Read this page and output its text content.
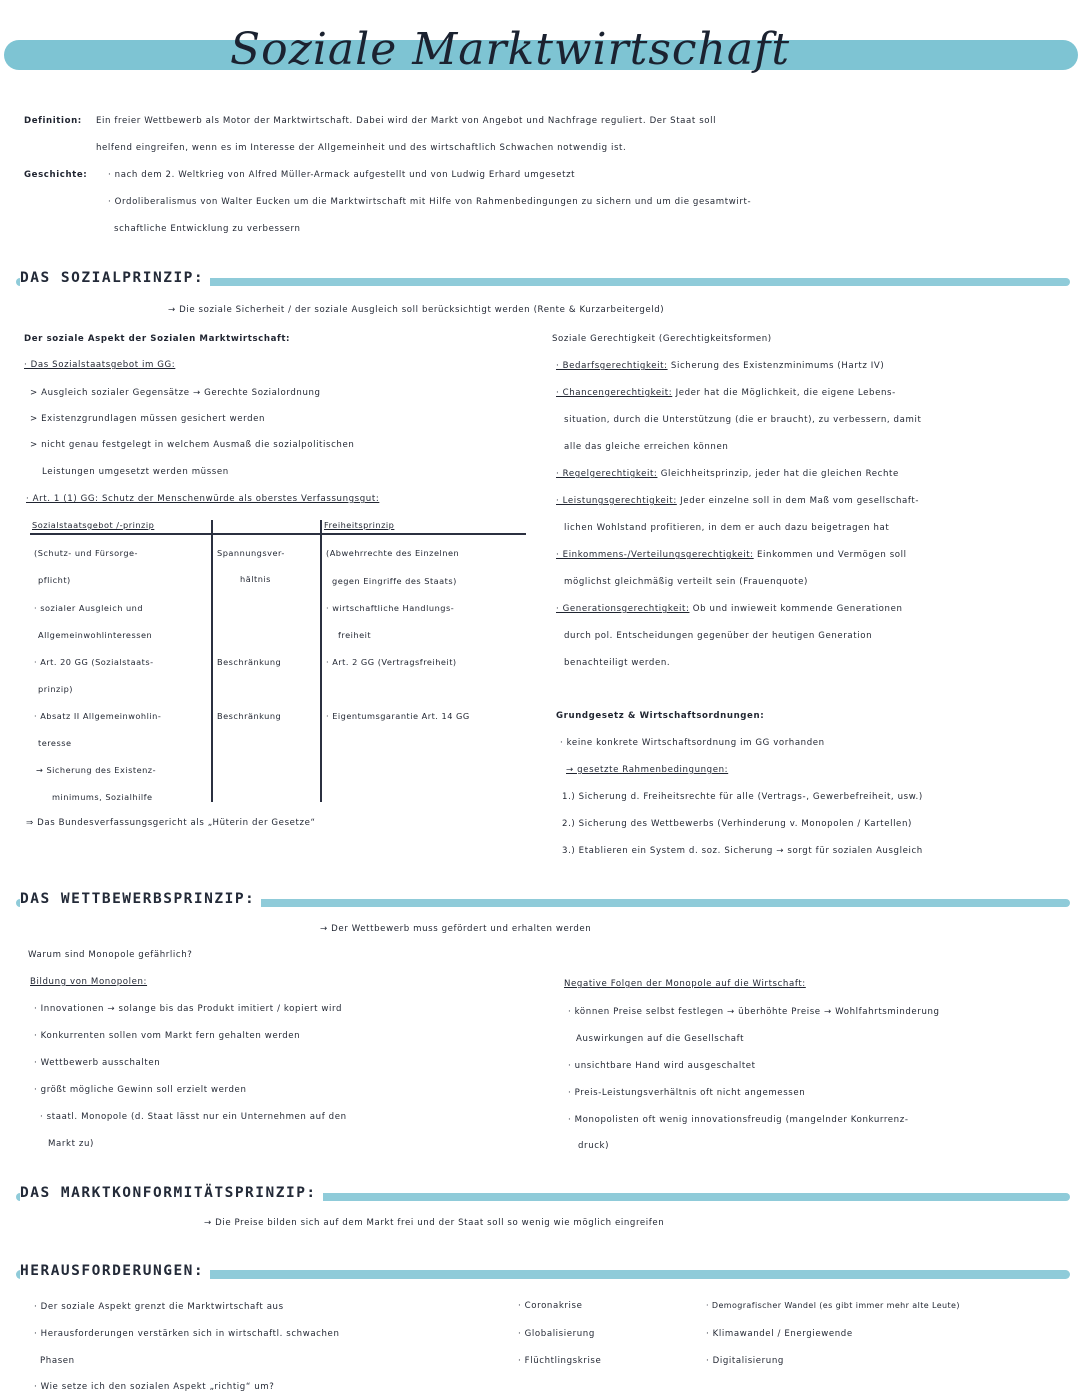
Soziale Marktwirtschaft
Definition: Ein freier Wettbewerb als Motor der Marktwirtschaft. Dabei wird der Markt von Angebot und Nachfrage reguliert. Der Staat soll
helfend eingreifen, wenn es im Interesse der Allgemeinheit und des wirtschaftlich Schwachen notwendig ist.
Geschichte: · nach dem 2. Weltkrieg von Alfred Müller-Armack aufgestellt und von Ludwig Erhard umgesetzt
· Ordoliberalismus von Walter Eucken um die Marktwirtschaft mit Hilfe von Rahmenbedingungen zu sichern und um die gesamtwirt-
schaftliche Entwicklung zu verbessern
DAS SOZIALPRINZIP:
→ Die soziale Sicherheit / der soziale Ausgleich soll berücksichtigt werden (Rente & Kurzarbeitergeld)
Der soziale Aspekt der Sozialen Marktwirtschaft:
· Das Sozialstaatsgebot im GG:
> Ausgleich sozialer Gegensätze → Gerechte Sozialordnung
> Existenzgrundlagen müssen gesichert werden
> nicht genau festgelegt in welchem Ausmaß die sozialpolitischen
Leistungen umgesetzt werden müssen
· Art. 1 (1) GG: Schutz der Menschenwürde als oberstes Verfassungsgut:
Sozialstaatsgebot /-prinzip	Freiheitsprinzip
(Schutz- und Fürsorge-
pflicht)
· sozialer Ausgleich und
Allgemeinwohlinteressen
· Art. 20 GG (Sozialstaats-
prinzip)
· Absatz II Allgemeinwohlin-
teresse
→ Sicherung des Existenz-
minimums, Sozialhilfe
Spannungsver-
hältnis
Beschränkung
Beschränkung
(Abwehrrechte des Einzelnen
gegen Eingriffe des Staats)
· wirtschaftliche Handlungs-
freiheit
· Art. 2 GG (Vertragsfreiheit)
· Eigentumsgarantie Art. 14 GG
⇒ Das Bundesverfassungsgericht als „Hüterin der Gesetze“
Soziale Gerechtigkeit (Gerechtigkeitsformen)
· Bedarfsgerechtigkeit: Sicherung des Existenzminimums (Hartz IV)
· Chancengerechtigkeit: Jeder hat die Möglichkeit, die eigene Lebens-
situation, durch die Unterstützung (die er braucht), zu verbessern, damit
alle das gleiche erreichen können
· Regelgerechtigkeit: Gleichheitsprinzip, jeder hat die gleichen Rechte
· Leistungsgerechtigkeit: Jeder einzelne soll in dem Maß vom gesellschaft-
lichen Wohlstand profitieren, in dem er auch dazu beigetragen hat
· Einkommens-/Verteilungsgerechtigkeit: Einkommen und Vermögen soll
möglichst gleichmäßig verteilt sein (Frauenquote)
· Generationsgerechtigkeit: Ob und inwieweit kommende Generationen
durch pol. Entscheidungen gegenüber der heutigen Generation
benachteiligt werden.
Grundgesetz & Wirtschaftsordnungen:
· keine konkrete Wirtschaftsordnung im GG vorhanden
→ gesetzte Rahmenbedingungen:
1.) Sicherung d. Freiheitsrechte für alle (Vertrags-, Gewerbefreiheit, usw.)
2.) Sicherung des Wettbewerbs (Verhinderung v. Monopolen / Kartellen)
3.) Etablieren ein System d. soz. Sicherung → sorgt für sozialen Ausgleich
DAS WETTBEWERBSPRINZIP:
→ Der Wettbewerb muss gefördert und erhalten werden
Warum sind Monopole gefährlich?
Bildung von Monopolen:
· Innovationen → solange bis das Produkt imitiert / kopiert wird
· Konkurrenten sollen vom Markt fern gehalten werden
· Wettbewerb ausschalten
· größt mögliche Gewinn soll erzielt werden
· staatl. Monopole (d. Staat lässt nur ein Unternehmen auf den
Markt zu)
Negative Folgen der Monopole auf die Wirtschaft:
· können Preise selbst festlegen → überhöhte Preise → Wohlfahrtsminderung
Auswirkungen auf die Gesellschaft
· unsichtbare Hand wird ausgeschaltet
· Preis-Leistungsverhältnis oft nicht angemessen
· Monopolisten oft wenig innovationsfreudig (mangelnder Konkurrenz-
druck)
DAS MARKTKONFORMITÄTSPRINZIP:
→ Die Preise bilden sich auf dem Markt frei und der Staat soll so wenig wie möglich eingreifen
HERAUSFORDERUNGEN:
· Der soziale Aspekt grenzt die Marktwirtschaft aus
· Herausforderungen verstärken sich in wirtschaftl. schwachen
Phasen
· Wie setze ich den sozialen Aspekt „richtig“ um?
· Coronakrise
· Globalisierung
· Flüchtlingskrise
· Demografischer Wandel (es gibt immer mehr alte Leute)
· Klimawandel / Energiewende
· Digitalisierung
